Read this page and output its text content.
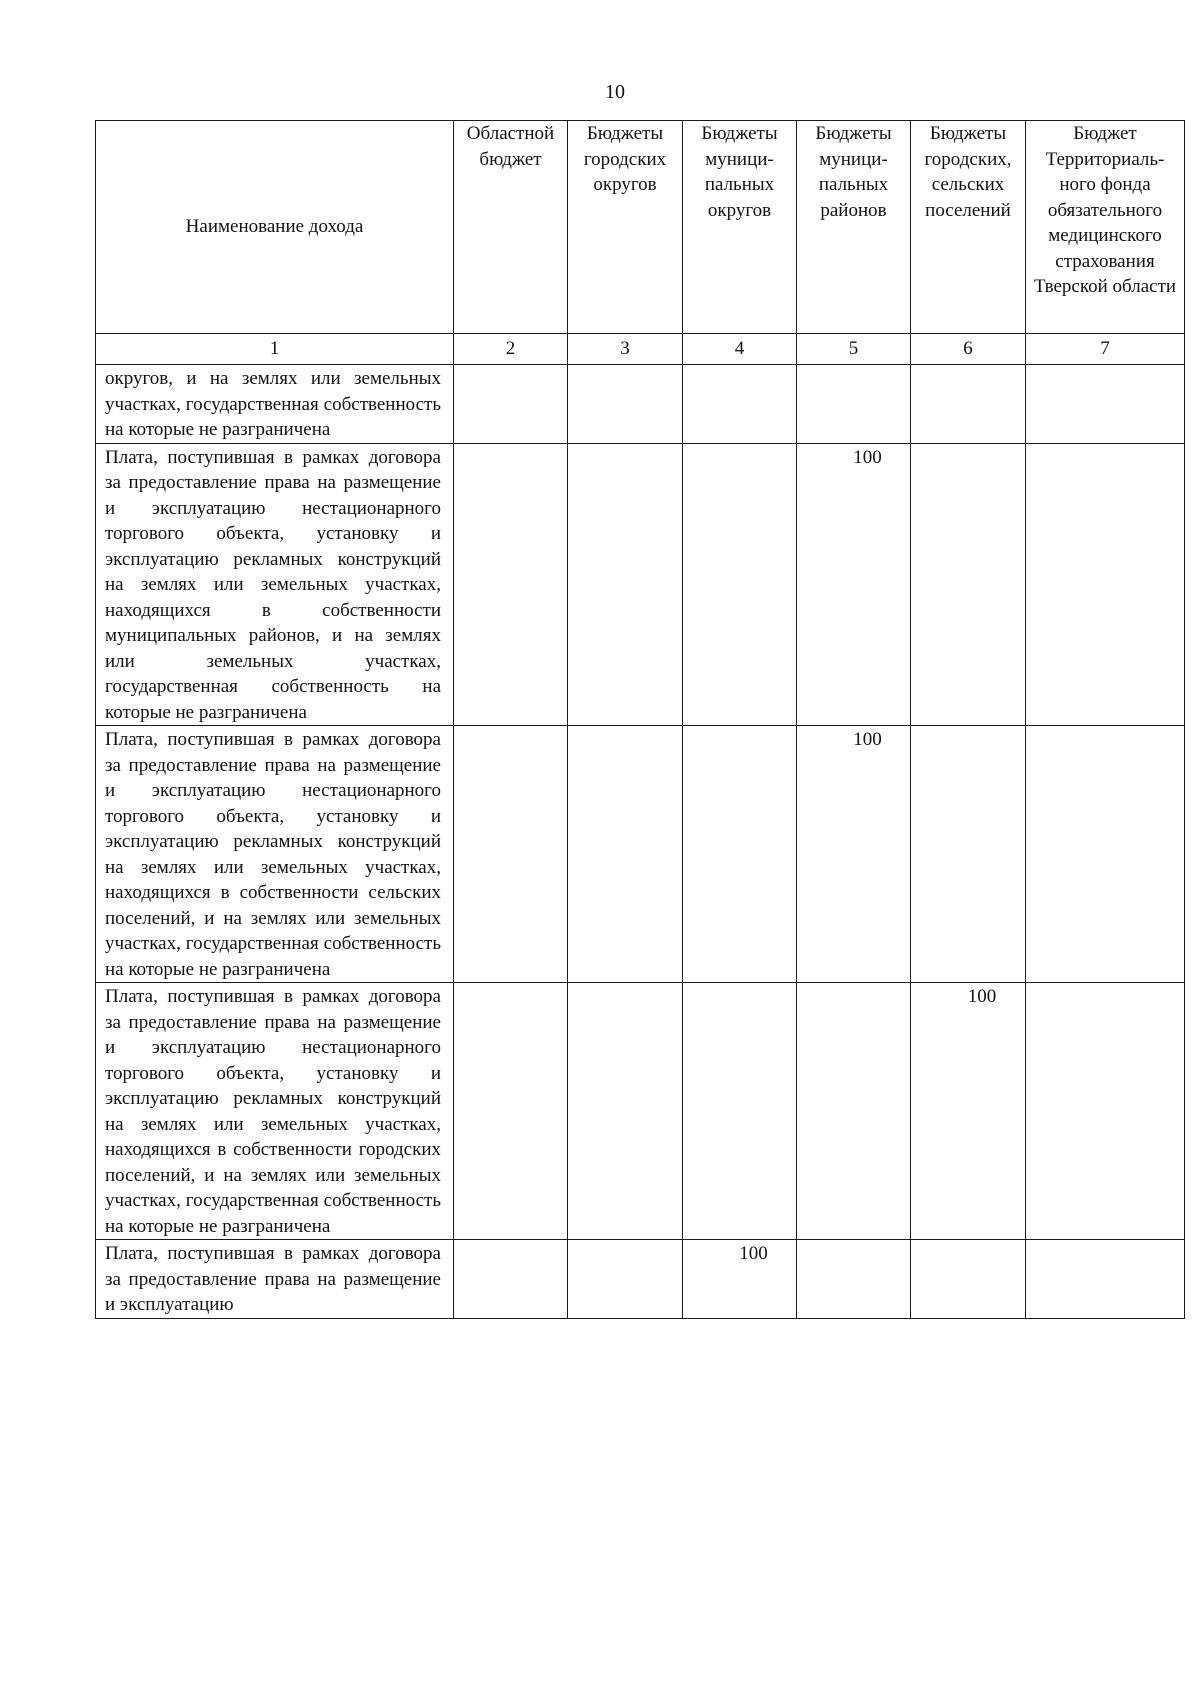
10
Наименование дохода	Областной бюджет	Бюджеты городских округов	Бюджеты муници-пальных округов	Бюджеты муници-пальных районов	Бюджеты городских, сельских поселений	Бюджет Территориаль-ного фонда обязательного медицинского страхования Тверской области

1	2	3	4	5	6	7
округов, и на землях или земельных участках, государственная собственность на которые не разграничена						
Плата, поступившая в рамках договора за предоставление права на размещение и эксплуатацию нестационарного торгового объекта, установку и эксплуатацию рекламных конструкций на землях или земельных участках, находящихся в собственности муниципальных районов, и на землях или земельных участках, государственная собственность на которые не разграничена				100		
Плата, поступившая в рамках договора за предоставление права на размещение и эксплуатацию нестационарного торгового объекта, установку и эксплуатацию рекламных конструкций на землях или земельных участках, находящихся в собственности сельских поселений, и на землях или земельных участках, государственная собственность на которые не разграничена				100		
Плата, поступившая в рамках договора за предоставление права на размещение и эксплуатацию нестационарного торгового объекта, установку и эксплуатацию рекламных конструкций на землях или земельных участках, находящихся в собственности городских поселений, и на землях или земельных участках, государственная собственность на которые не разграничена					100	
Плата, поступившая в рамках договора за предоставление права на размещение и эксплуатацию			100			
